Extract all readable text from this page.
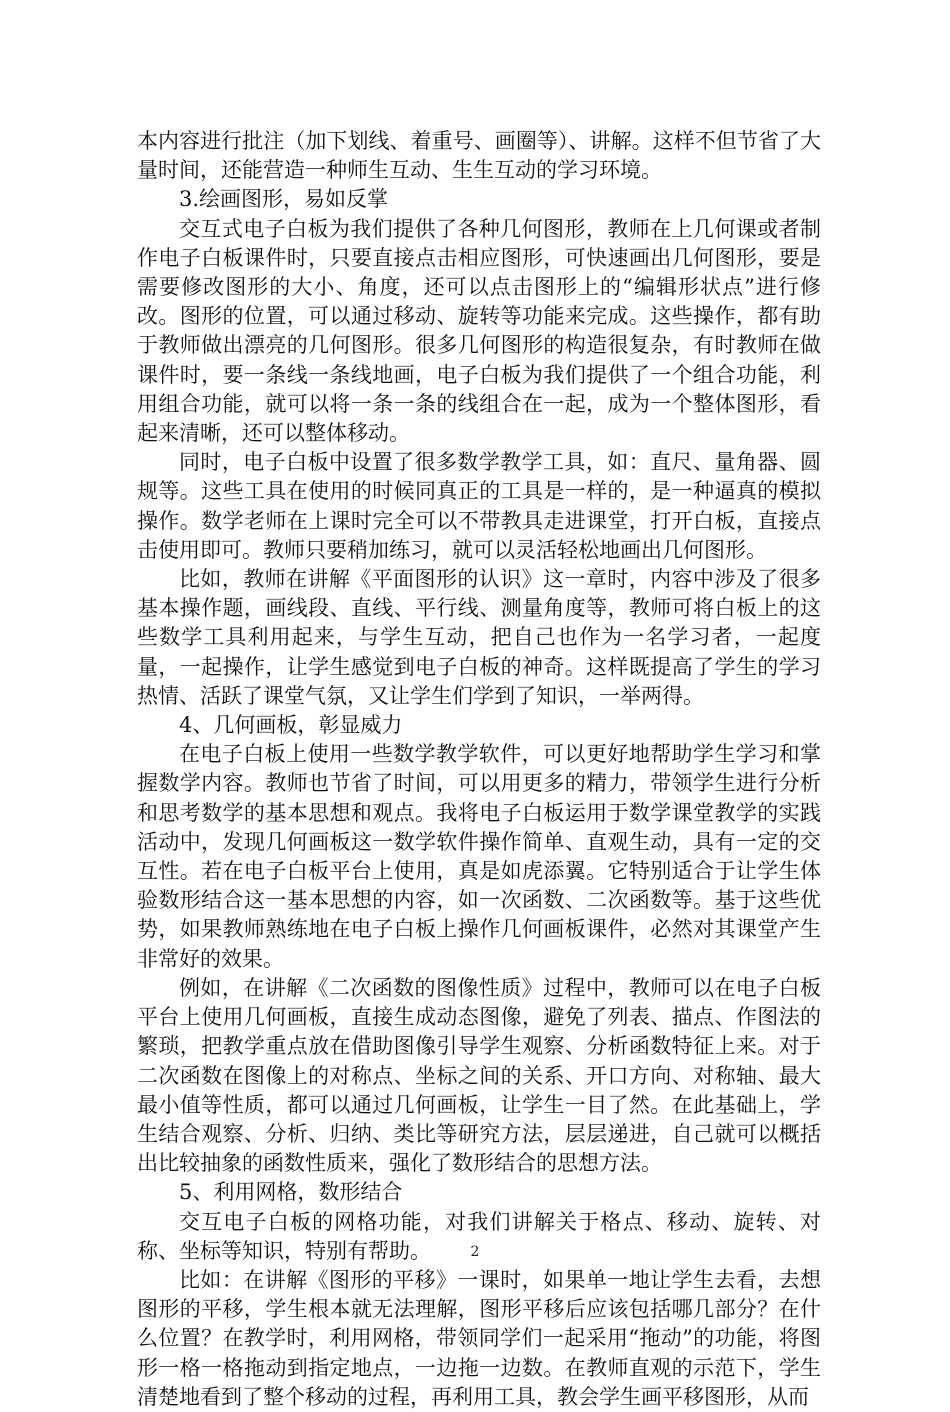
本内容进行批注（加下划线、着重号、画圈等）、讲解。这样不但节省了大量时间，还能营造一种师生互动、生生互动的学习环境。

3.绘画图形，易如反掌

交互式电子白板为我们提供了各种几何图形，教师在上几何课或者制作电子白板课件时，只要直接点击相应图形，可快速画出几何图形，要是需要修改图形的大小、角度，还可以点击图形上的“编辑形状点”进行修改。图形的位置，可以通过移动、旋转等功能来完成。这些操作，都有助于教师做出漂亮的几何图形。很多几何图形的构造很复杂，有时教师在做课件时，要一条线一条线地画，电子白板为我们提供了一个组合功能，利用组合功能，就可以将一条一条的线组合在一起，成为一个整体图形，看起来清晰，还可以整体移动。

同时，电子白板中设置了很多数学教学工具，如：直尺、量角器、圆规等。这些工具在使用的时候同真正的工具是一样的，是一种逼真的模拟操作。数学老师在上课时完全可以不带教具走进课堂，打开白板，直接点击使用即可。教师只要稍加练习，就可以灵活轻松地画出几何图形。

比如，教师在讲解《平面图形的认识》这一章时，内容中涉及了很多基本操作题，画线段、直线、平行线、测量角度等，教师可将白板上的这些数学工具利用起来，与学生互动，把自己也作为一名学习者，一起度量，一起操作，让学生感觉到电子白板的神奇。这样既提高了学生的学习热情、活跃了课堂气氛，又让学生们学到了知识，一举两得。

4、几何画板，彰显威力

在电子白板上使用一些数学教学软件，可以更好地帮助学生学习和掌握数学内容。教师也节省了时间，可以用更多的精力，带领学生进行分析和思考数学的基本思想和观点。我将电子白板运用于数学课堂教学的实践活动中，发现几何画板这一数学软件操作简单、直观生动，具有一定的交互性。若在电子白板平台上使用，真是如虎添翼。它特别适合于让学生体验数形结合这一基本思想的内容，如一次函数、二次函数等。基于这些优势，如果教师熟练地在电子白板上操作几何画板课件，必然对其课堂产生非常好的效果。

例如，在讲解《二次函数的图像性质》过程中，教师可以在电子白板平台上使用几何画板，直接生成动态图像，避免了列表、描点、作图法的繁琐，把教学重点放在借助图像引导学生观察、分析函数特征上来。对于二次函数在图像上的对称点、坐标之间的关系、开口方向、对称轴、最大最小值等性质，都可以通过几何画板，让学生一目了然。在此基础上，学生结合观察、分析、归纳、类比等研究方法，层层递进，自己就可以概括出比较抽象的函数性质来，强化了数形结合的思想方法。

5、利用网格，数形结合

交互电子白板的网格功能，对我们讲解关于格点、移动、旋转、对称、坐标等知识，特别有帮助。

比如：在讲解《图形的平移》一课时，如果单一地让学生去看，去想图形的平移，学生根本就无法理解，图形平移后应该包括哪几部分？在什么位置？在教学时，利用网格，带领同学们一起采用“拖动”的功能，将图形一格一格拖动到指定地点，一边拖一边数。在教师直观的示范下，学生清楚地看到了整个移动的过程，再利用工具，教会学生画平移图形，从而

2
